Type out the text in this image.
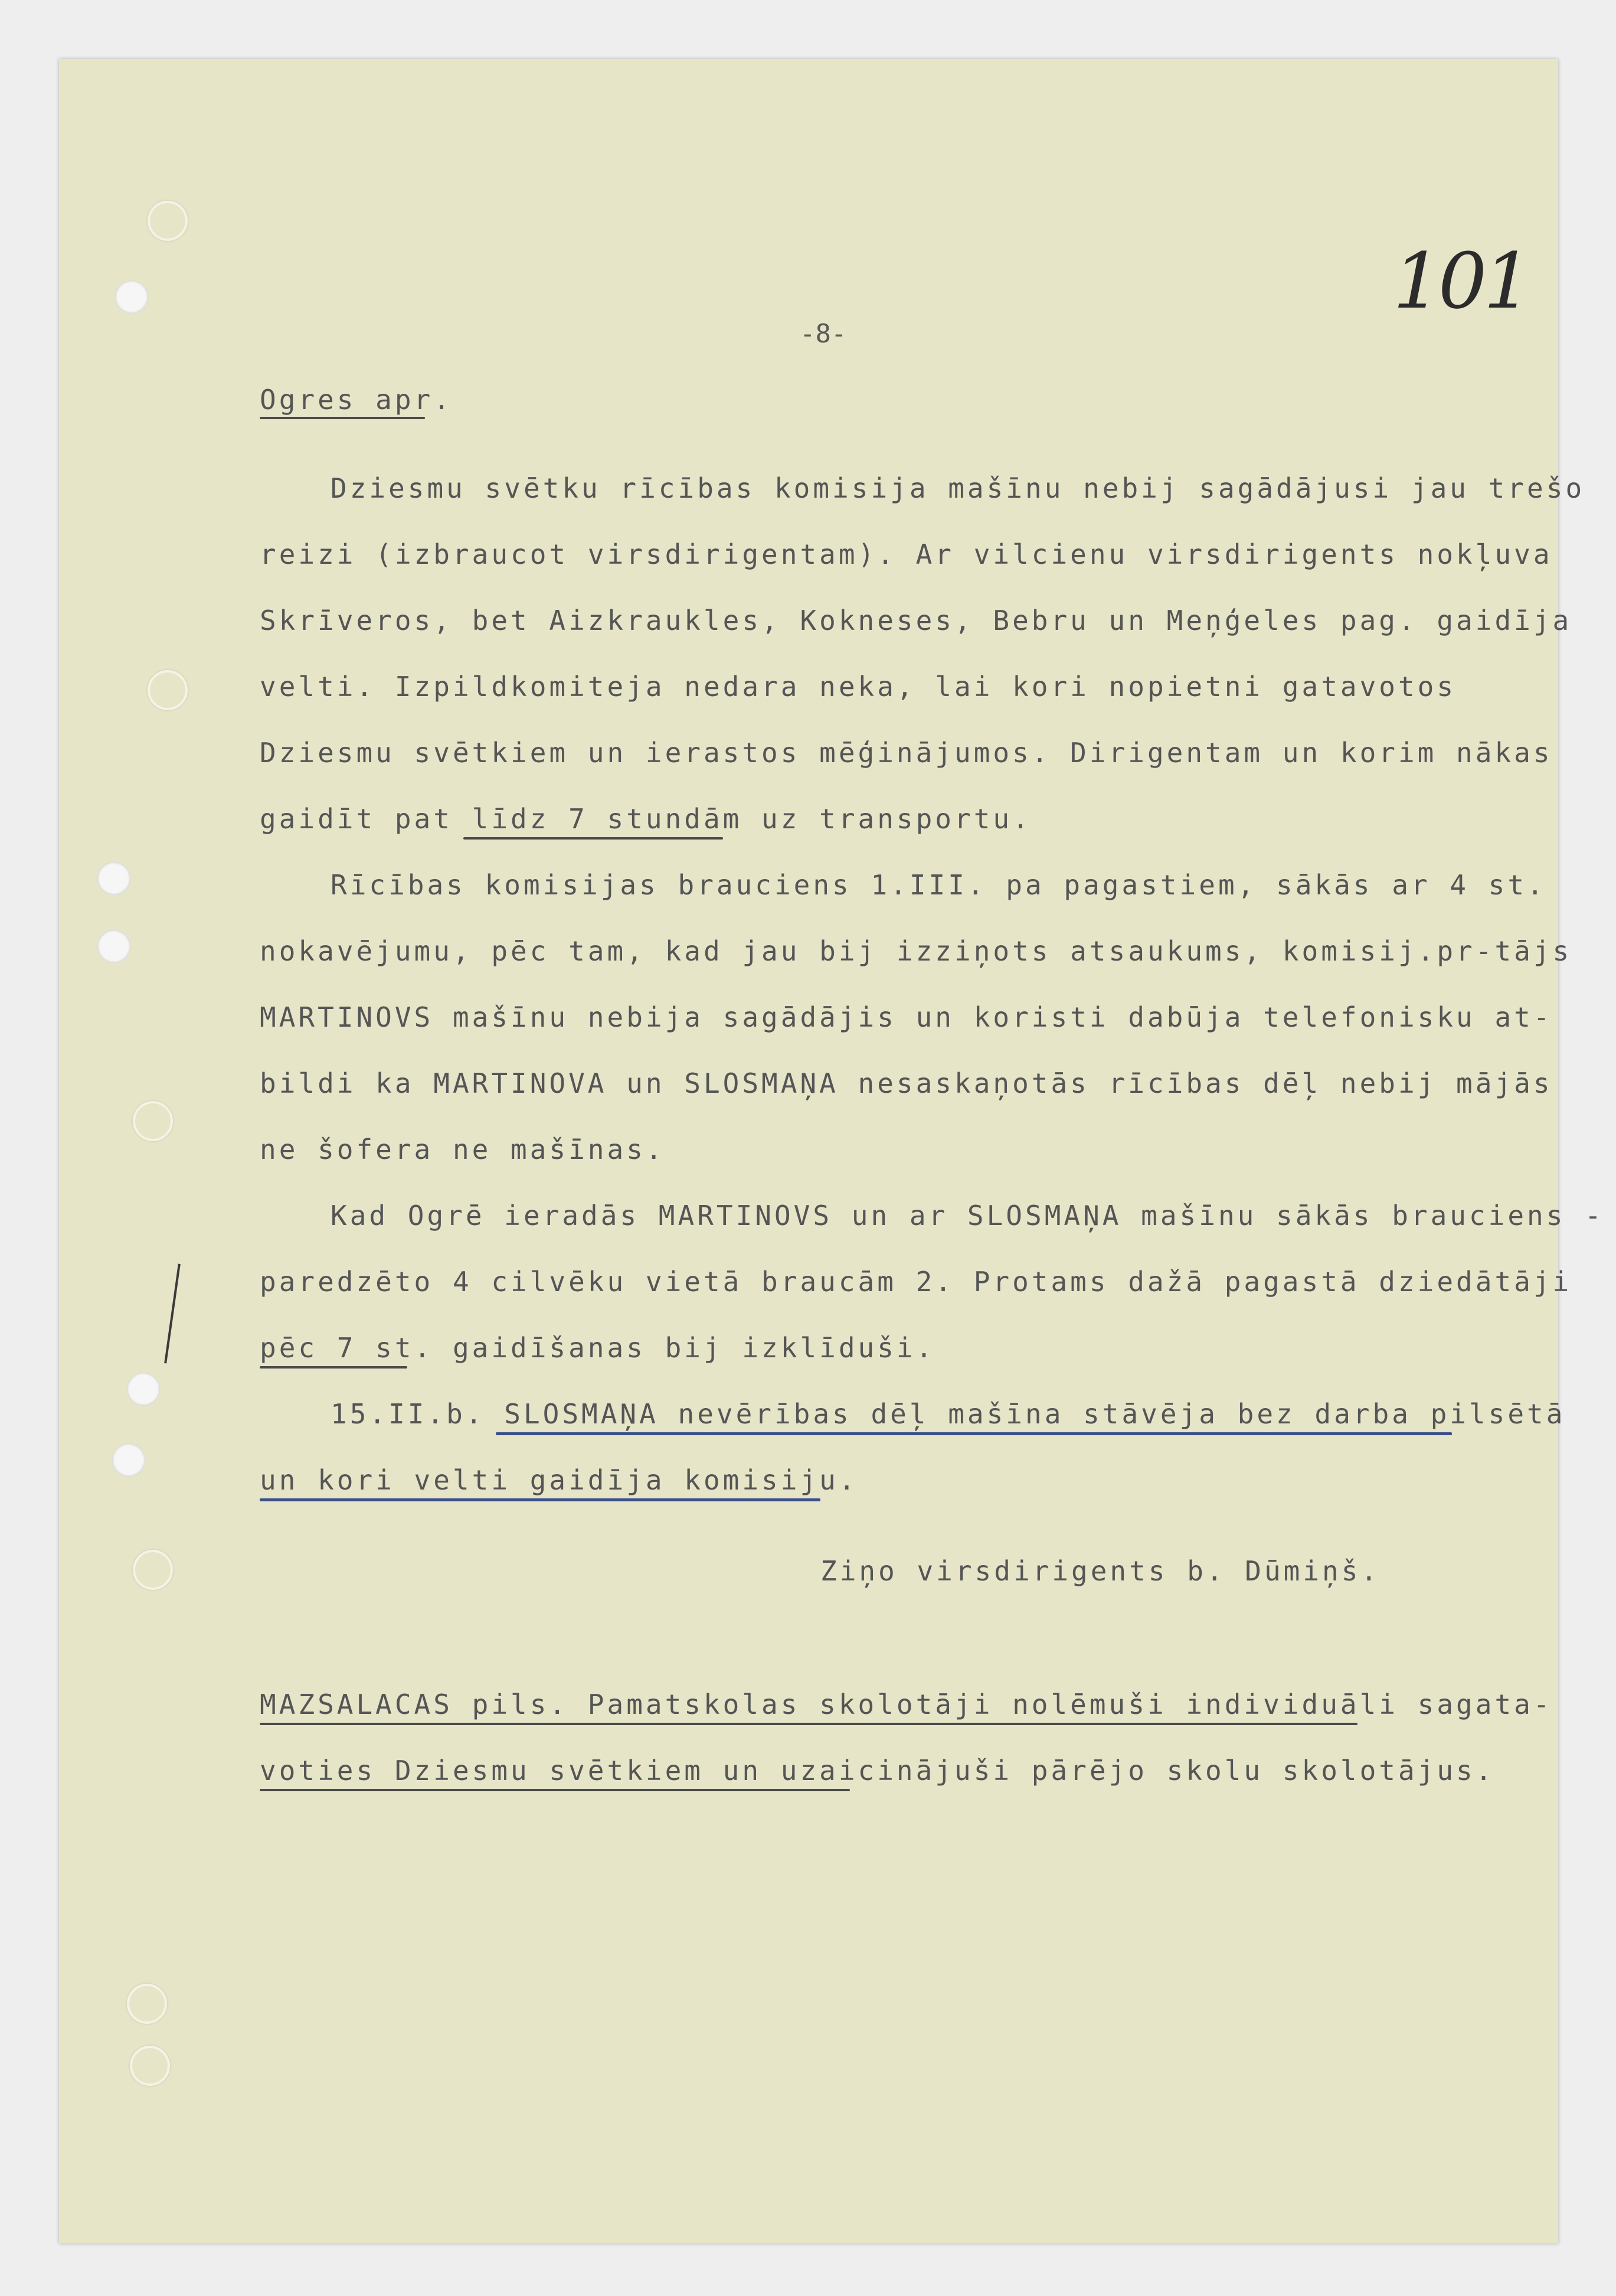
101
-8-
Ogres apr.
Dziesmu svētku rīcības komisija mašīnu nebij sagādājusi jau trešo
reizi (izbraucot virsdirigentam). Ar vilcienu virsdirigents nokļuva
Skrīveros, bet Aizkraukles, Kokneses, Bebru un Meņģeles pag. gaidīja
velti. Izpildkomiteja nedara neka, lai kori nopietni gatavotos
Dziesmu svētkiem un ierastos mēģinājumos. Dirigentam un korim nākas
gaidīt pat līdz 7 stundām uz transportu.
Rīcības komisijas brauciens 1.III. pa pagastiem, sākās ar 4 st.
nokavējumu, pēc tam, kad jau bij izziņots atsaukums, komisij.pr-tājs
MARTINOVS mašīnu nebija sagādājis un koristi dabūja telefonisku at-
bildi ka MARTINOVA un SLOSMAŅA nesaskaņotās rīcības dēļ nebij mājās
ne šofera ne mašīnas.
Kad Ogrē ieradās MARTINOVS un ar SLOSMAŅA mašīnu sākās brauciens -
paredzēto 4 cilvēku vietā braucām 2. Protams dažā pagastā dziedātāji
pēc 7 st. gaidīšanas bij izklīduši.
15.II.b. SLOSMAŅA nevērības dēļ mašīna stāvēja bez darba pilsētā
un kori velti gaidīja komisiju.
Ziņo virsdirigents b. Dūmiņš.
MAZSALACAS pils. Pamatskolas skolotāji nolēmuši individuāli sagata-
voties Dziesmu svētkiem un uzaicinājuši pārējo skolu skolotājus.
